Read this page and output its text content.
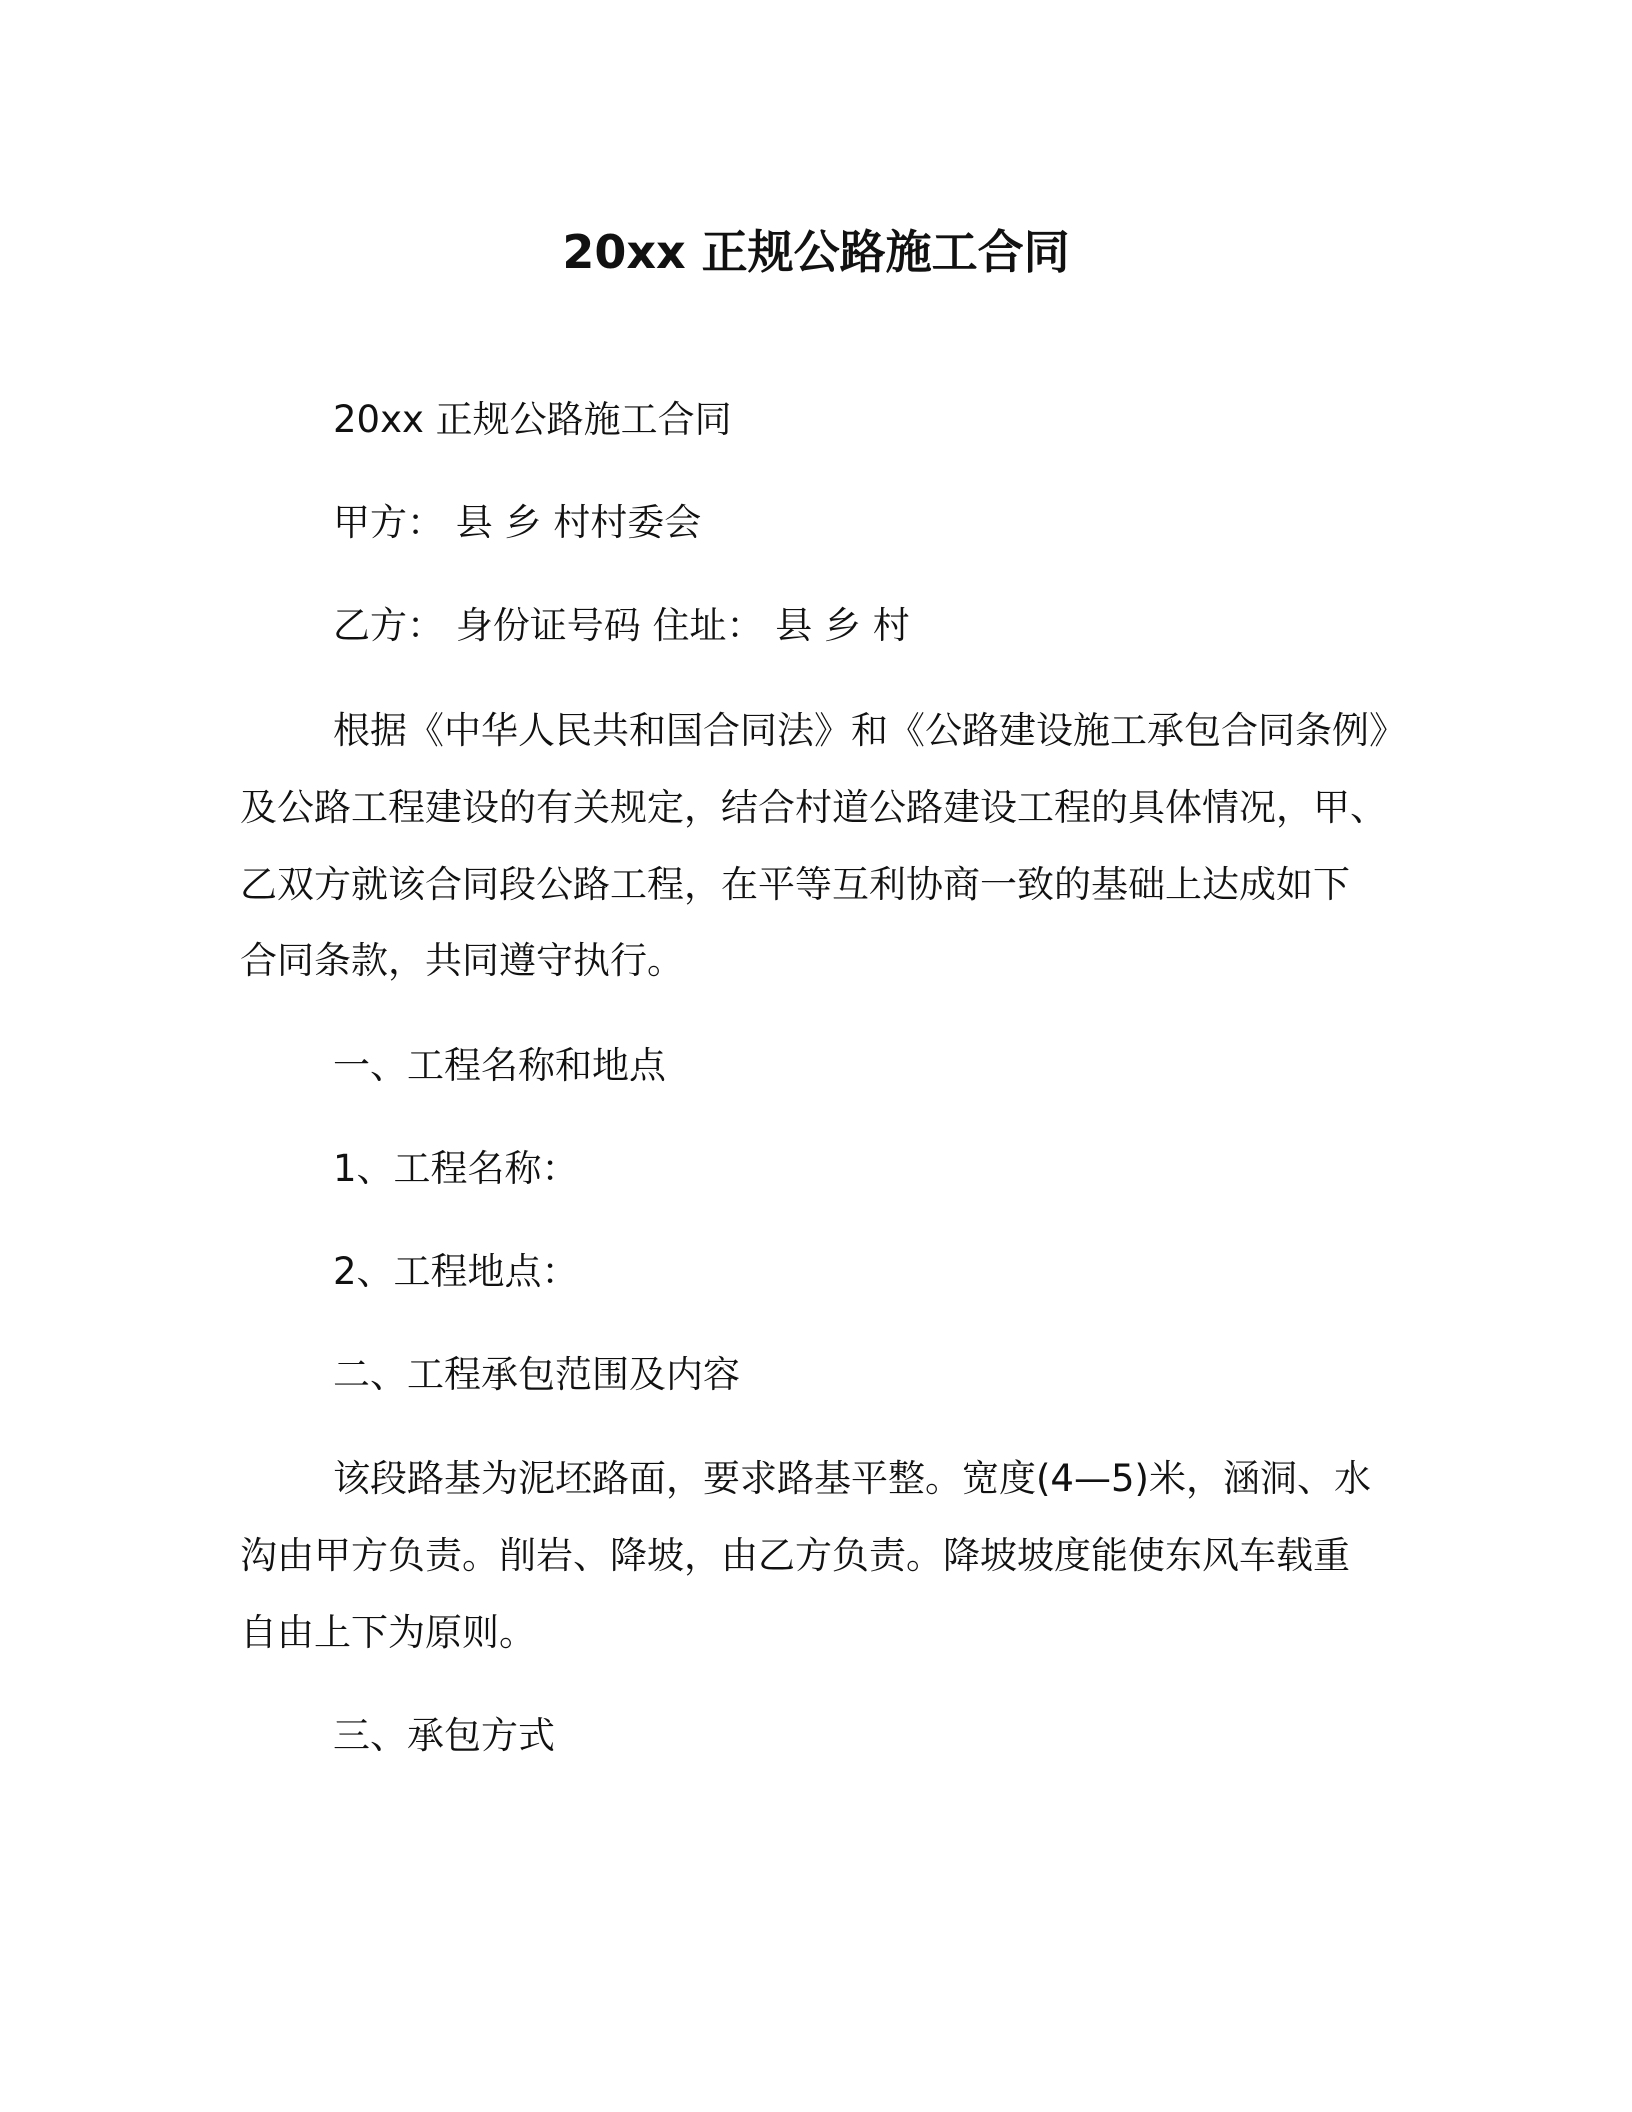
20xx 正规公路施工合同
20xx 正规公路施工合同
甲方： 县 乡 村村委会
乙方： 身份证号码 住址： 县 乡 村
根据《中华人民共和国合同法》和《公路建设施工承包合同条例》
及公路工程建设的有关规定，结合村道公路建设工程的具体情况，甲、
乙双方就该合同段公路工程，在平等互利协商一致的基础上达成如下
合同条款，共同遵守执行。
一、工程名称和地点
1、工程名称：
2、工程地点：
二、工程承包范围及内容
该段路基为泥坯路面，要求路基平整。宽度(4—5)米，涵洞、水
沟由甲方负责。削岩、降坡，由乙方负责。降坡坡度能使东风车载重
自由上下为原则。
三、承包方式
